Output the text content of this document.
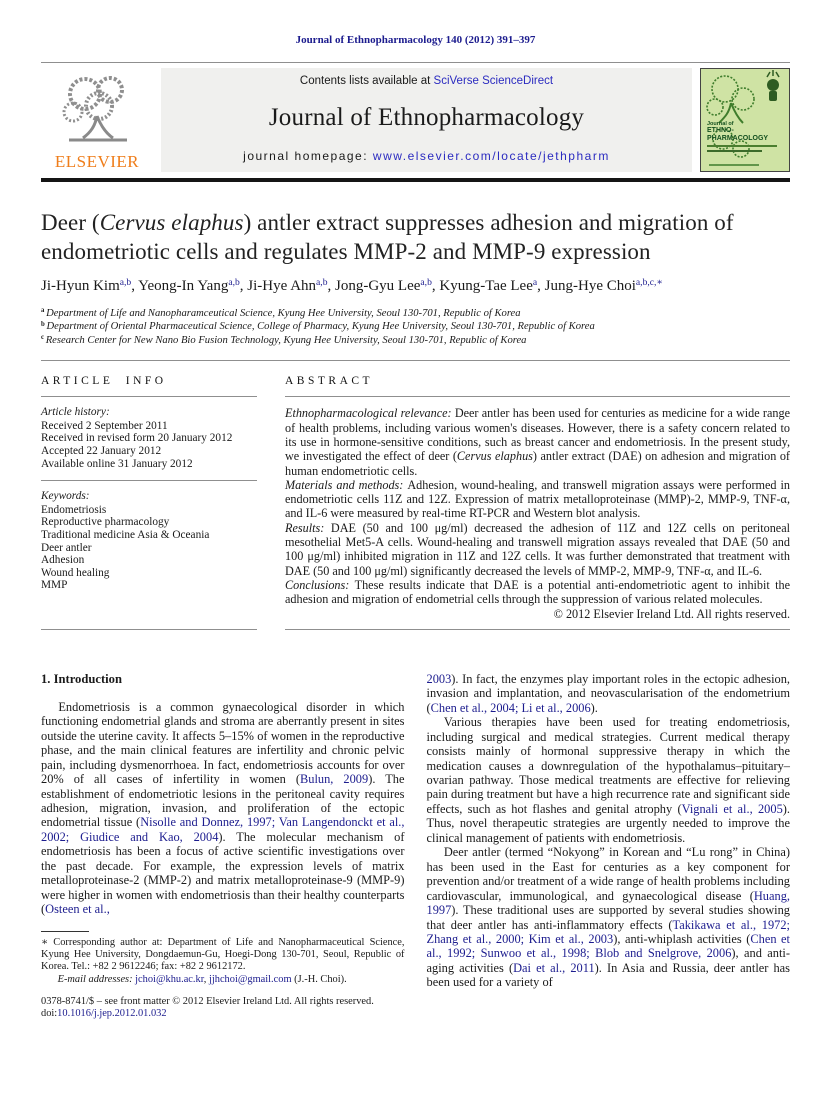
Journal of Ethnopharmacology 140 (2012) 391–397
ELSEVIER
Contents lists available at SciVerse ScienceDirect
Journal of Ethnopharmacology
journal homepage: www.elsevier.com/locate/jethpharm
Journal of
ETHNO-
PHARMACOLOGY
Deer (Cervus elaphus) antler extract suppresses adhesion and migration of endometriotic cells and regulates MMP-2 and MMP-9 expression
Ji-Hyun Kim$^{a,b}$, Yeong-In Yang$^{a,b}$, Ji-Hye Ahn$^{a,b}$, Jong-Gyu Lee$^{a,b}$, Kyung-Tae Lee$^a$, Jung-Hye Choi$^{a,b,c,∗}$
$^a$ Department of Life and Nanopharamceutical Science, Kyung Hee University, Seoul 130-701, Republic of Korea
$^b$ Department of Oriental Pharmaceutical Science, College of Pharmacy, Kyung Hee University, Seoul 130-701, Republic of Korea
$^c$ Research Center for New Nano Bio Fusion Technology, Kyung Hee University, Seoul 130-701, Republic of Korea
ARTICLE INFO
Article history:
Received 2 September 2011
Received in revised form 20 January 2012
Accepted 22 January 2012
Available online 31 January 2012
Keywords:
Endometriosis
Reproductive pharmacology
Traditional medicine Asia & Oceania
Deer antler
Adhesion
Wound healing
MMP
ABSTRACT

Ethnopharmacological relevance: Deer antler has been used for centuries as medicine for a wide range of health problems, including various women's diseases. However, there is a safety concern related to its use in hormone-sensitive conditions, such as breast cancer and endometriosis. In the present study, we investigated the effect of deer (Cervus elaphus) antler extract (DAE) on adhesion and migration of human endometriotic cells.

Materials and methods: Adhesion, wound-healing, and transwell migration assays were performed in endometriotic cells 11Z and 12Z. Expression of matrix metalloproteinase (MMP)-2, MMP-9, TNF-α, and IL-6 were measured by real-time RT-PCR and Western blot analysis.

Results: DAE (50 and 100 μg/ml) decreased the adhesion of 11Z and 12Z cells on peritoneal mesothelial Met5-A cells. Wound-healing and transwell migration assays revealed that DAE (50 and 100 μg/ml) inhibited migration in 11Z and 12Z cells. It was further demonstrated that treatment with DAE (50 and 100 μg/ml) significantly decreased the levels of MMP-2, MMP-9, TNF-α, and IL-6.

Conclusions: These results indicate that DAE is a potential anti-endometriotic agent to inhibit the adhesion and migration of endometrial cells through the suppression of various related molecules.

© 2012 Elsevier Ireland Ltd. All rights reserved.
1. Introduction

Endometriosis is a common gynaecological disorder in which functioning endometrial glands and stroma are aberrantly present in sites outside the uterine cavity. It affects 5–15% of women in the reproductive phase, and the main clinical features are infertility and chronic pelvic pain, including dysmenorrhoea. In fact, endometriosis accounts for over 20% of all cases of infertility in women (Bulun, 2009). The establishment of endometriotic lesions in the peritoneal cavity requires adhesion, migration, invasion, and proliferation of the ectopic endometrial tissue (Nisolle and Donnez, 1997; Van Langendonckt et al., 2002; Giudice and Kao, 2004). The molecular mechanism of endometriosis has been a focus of active scientific investigations over the past decade. For example, the expression levels of matrix metalloproteinase-2 (MMP-2) and matrix metalloproteinase-9 (MMP-9) were higher in women with endometriosis than their healthy counterparts (Osteen et al.,

∗ Corresponding author at: Department of Life and Nanopharmaceutical Science, Kyung Hee University, Dongdaemun-Gu, Hoegi-Dong 130-701, Seoul, Republic of Korea. Tel.: +82 2 9612246; fax: +82 2 9612172.

E-mail addresses: jchoi@khu.ac.kr, jjhchoi@gmail.com (J.-H. Choi).

0378-8741/$ – see front matter © 2012 Elsevier Ireland Ltd. All rights reserved.

doi:10.1016/j.jep.2012.01.032

2003). In fact, the enzymes play important roles in the ectopic adhesion, invasion and implantation, and neovascularisation of the endometrium (Chen et al., 2004; Li et al., 2006).

Various therapies have been used for treating endometriosis, including surgical and medical strategies. Current medical therapy consists mainly of hormonal suppressive therapy in which the medication causes a downregulation of the hypothalamus–pituitary–ovarian pathway. Those medical treatments are effective for relieving pain during treatment but have a high recurrence rate and significant side effects, such as hot flashes and genital atrophy (Vignali et al., 2005). Thus, novel therapeutic strategies are urgently needed to improve the clinical management of patients with endometriosis.

Deer antler (termed “Nokyong” in Korean and “Lu rong” in China) has been used in the East for centuries as a key component for prevention and/or treatment of a wide range of health problems including cardiovascular, immunological, and gynaecological disease (Huang, 1997). These traditional uses are supported by several studies showing that deer antler has anti-inflammatory effects (Takikawa et al., 1972; Zhang et al., 2000; Kim et al., 2003), anti-whiplash activities (Chen et al., 1992; Sunwoo et al., 1998; Blob and Snelgrove, 2006), and anti-aging activities (Dai et al., 2011). In Asia and Russia, deer antler has been used for a variety of
